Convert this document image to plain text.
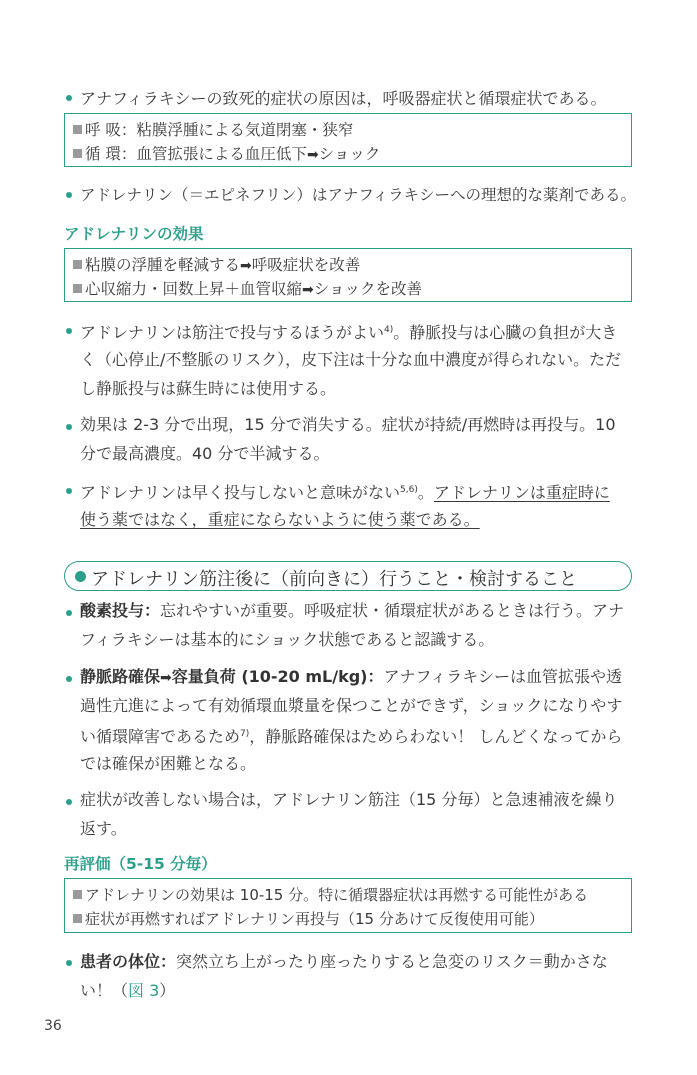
アナフィラキシーの致死的症状の原因は，呼吸器症状と循環症状である。
呼 吸：粘膜浮腫による気道閉塞・狭窄
循 環：血管拡張による血圧低下➡ショック
アドレナリン（＝エピネフリン）はアナフィラキシーへの理想的な薬剤である。
アドレナリンの効果
粘膜の浮腫を軽減する➡呼吸症状を改善
心収縮力・回数上昇＋血管収縮➡ショックを改善
アドレナリンは筋注で投与するほうがよい$^{4)}$。静脈投与は心臓の負担が大き
く（心停止/不整脈のリスク），皮下注は十分な血中濃度が得られない。ただ
し静脈投与は蘇生時には使用する。
効果は 2-3 分で出現，15 分で消失する。症状が持続/再燃時は再投与。10
分で最高濃度。40 分で半減する。
アドレナリンは早く投与しないと意味がない$^{5,6)}$。アドレナリンは重症時に
使う薬ではなく，重症にならないように使う薬である。
アドレナリン筋注後に（前向きに）行うこと・検討すること
酸素投与：忘れやすいが重要。呼吸症状・循環症状があるときは行う。アナ
フィラキシーは基本的にショック状態であると認識する。
静脈路確保➡容量負荷 (10-20 mL/kg)：アナフィラキシーは血管拡張や透
過性亢進によって有効循環血漿量を保つことができず，ショックになりやす
い循環障害であるため$^{7)}$，静脈路確保はためらわない！ しんどくなってから
では確保が困難となる。
症状が改善しない場合は，アドレナリン筋注（15 分毎）と急速補液を繰り
返す。
再評価（5-15 分毎）
アドレナリンの効果は 10-15 分。特に循環器症状は再燃する可能性がある
症状が再燃すればアドレナリン再投与（15 分あけて反復使用可能）
患者の体位：突然立ち上がったり座ったりすると急変のリスク＝動かさな
い！（図 3）
36
